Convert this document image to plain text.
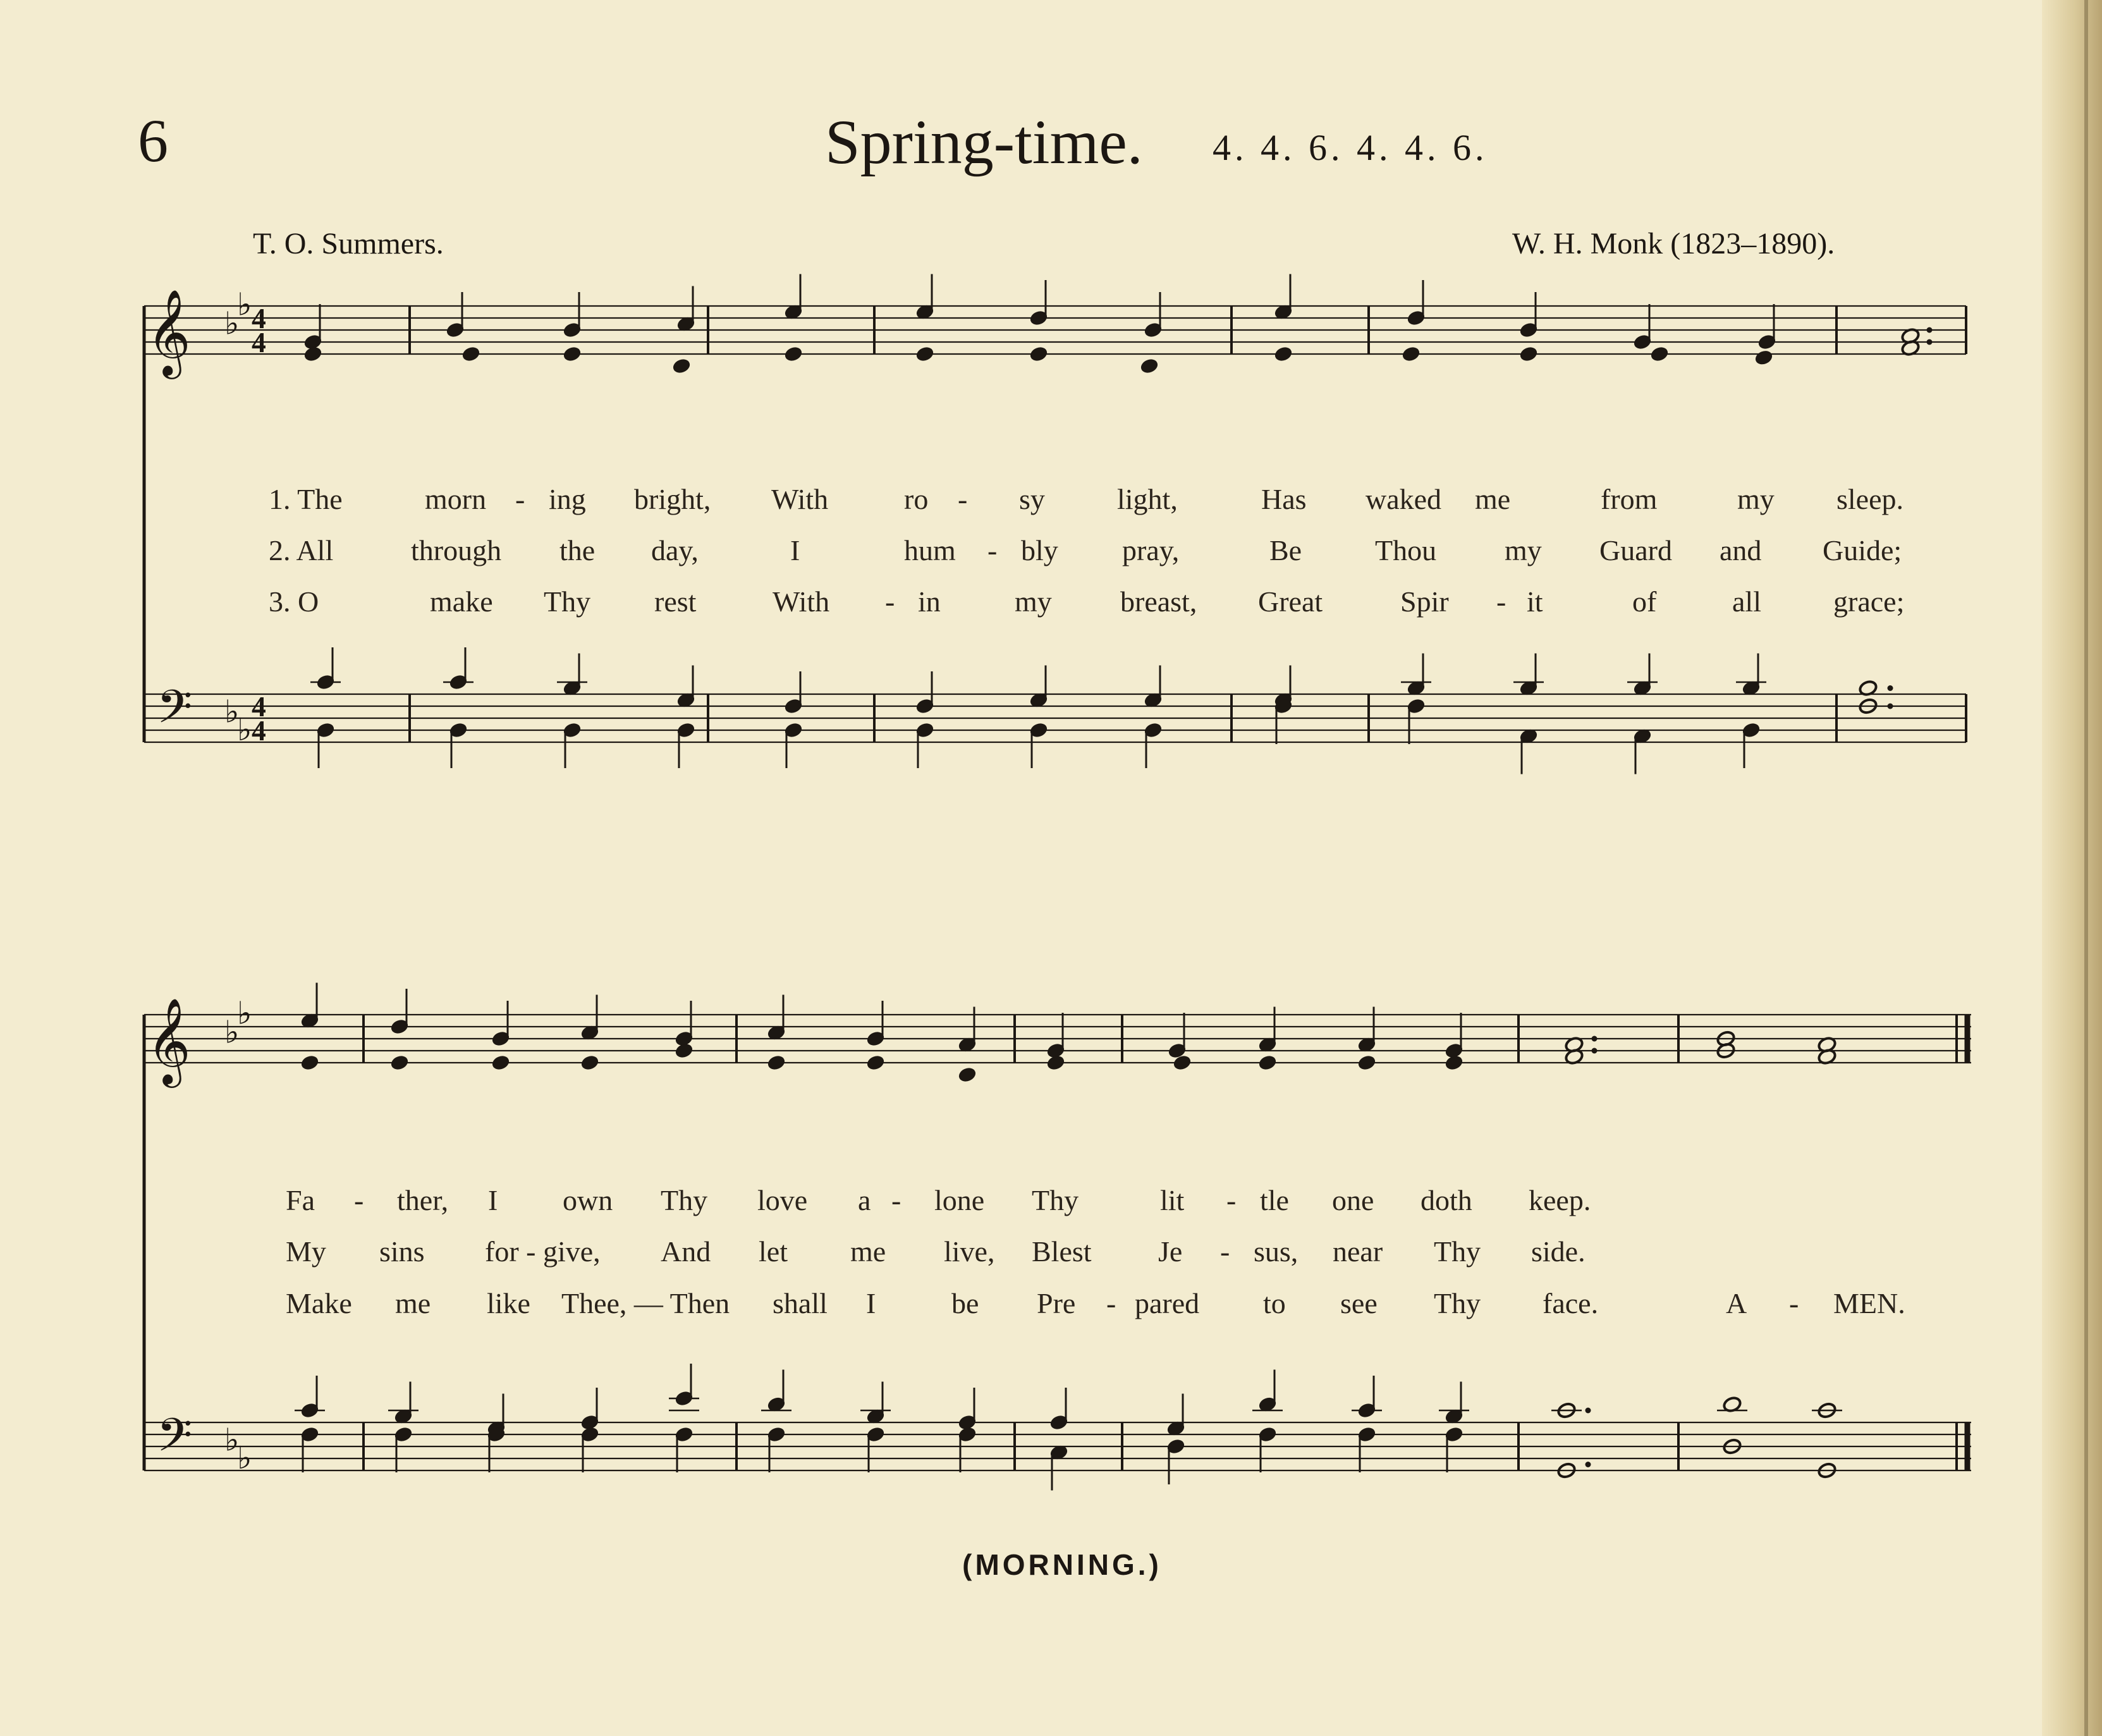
6	Spring-time. 4. 4. 6. 4. 4. 6.
T. O. Summers.	W. H. Monk (1823–1890).
𝄞 ♭
♭ 4
4
𝄢 ♭
♭
4
4
𝄞 ♭
♭
𝄢 ♭
♭
1. The	morn - ing bright, With	ro - sy light,	Has waked me	from	my sleep.
2. All	through the day,	I	hum - bly pray,	Be	Thou my Guard and Guide;
3. O	make Thy rest	With - in	my breast, Great	Spir - it	of	all grace;
Fa - ther, I own Thy love a - lone Thy	lit - tle one doth keep.
My sins for - give, And let me live, Blest Je - sus, near Thy side.
Make me like Thee, — Then shall I	be Pre - pared to see Thy face.	A - MEN.
(MORNING.)
